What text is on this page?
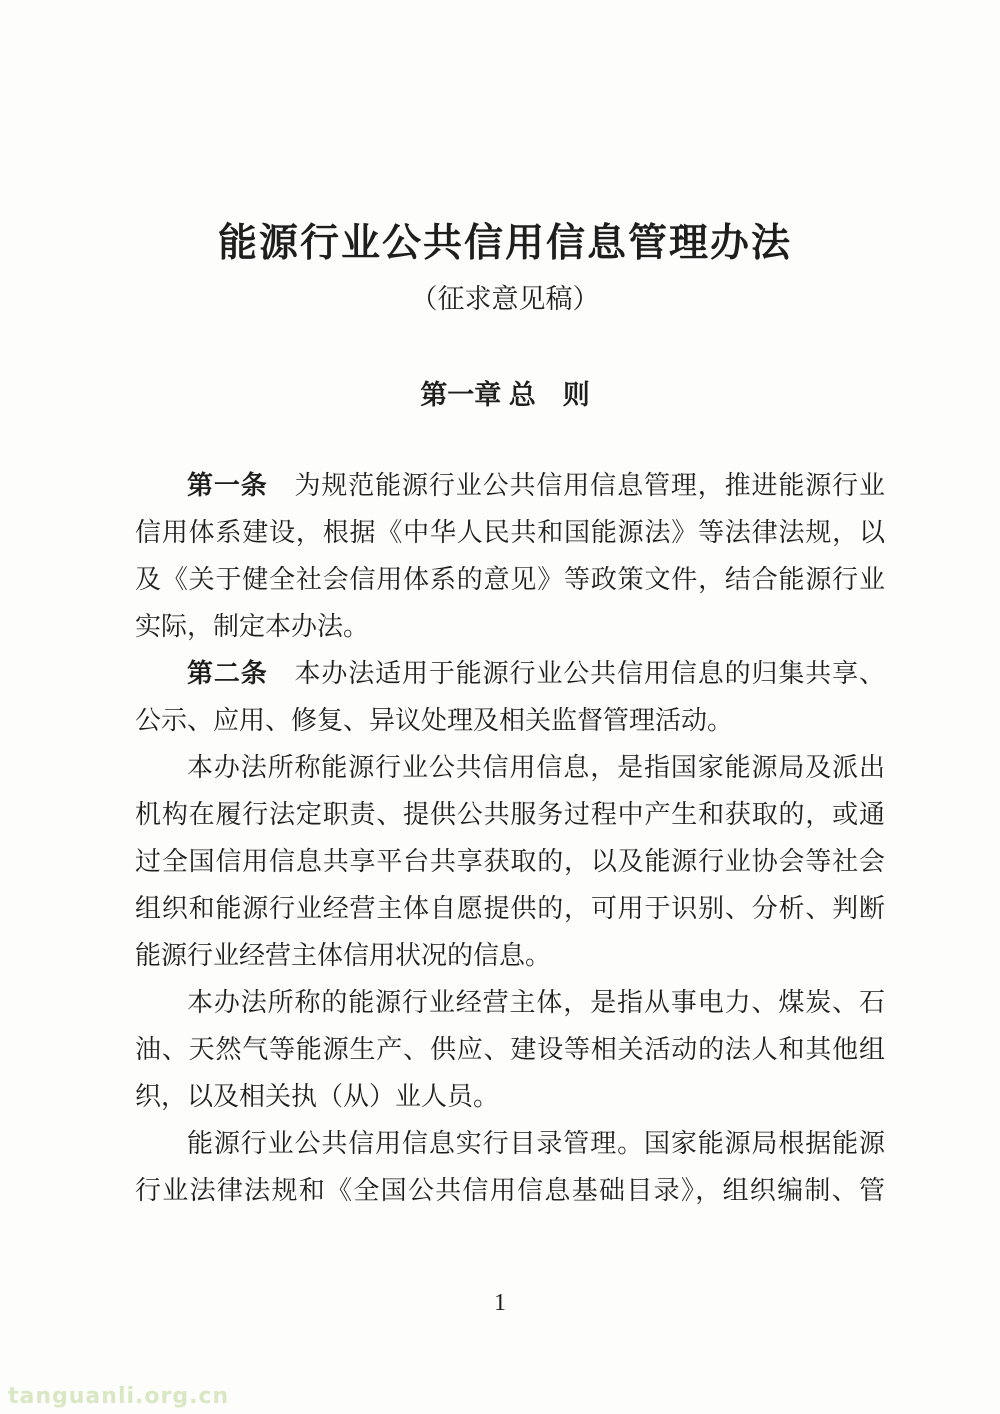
能源行业公共信用信息管理办法
（征求意见稿）
第一章 总　则
第一条　为规范能源行业公共信用信息管理，推进能源行业
信用体系建设，根据《中华人民共和国能源法》等法律法规，以
及《关于健全社会信用体系的意见》等政策文件，结合能源行业
实际，制定本办法。
第二条　本办法适用于能源行业公共信用信息的归集共享、
公示、应用、修复、异议处理及相关监督管理活动。
本办法所称能源行业公共信用信息，是指国家能源局及派出
机构在履行法定职责、提供公共服务过程中产生和获取的，或通
过全国信用信息共享平台共享获取的，以及能源行业协会等社会
组织和能源行业经营主体自愿提供的，可用于识别、分析、判断
能源行业经营主体信用状况的信息。
本办法所称的能源行业经营主体，是指从事电力、煤炭、石
油、天然气等能源生产、供应、建设等相关活动的法人和其他组
织，以及相关执（从）业人员。
能源行业公共信用信息实行目录管理。国家能源局根据能源
行业法律法规和《全国公共信用信息基础目录》，组织编制、管
1
tanguanli.org.cn
